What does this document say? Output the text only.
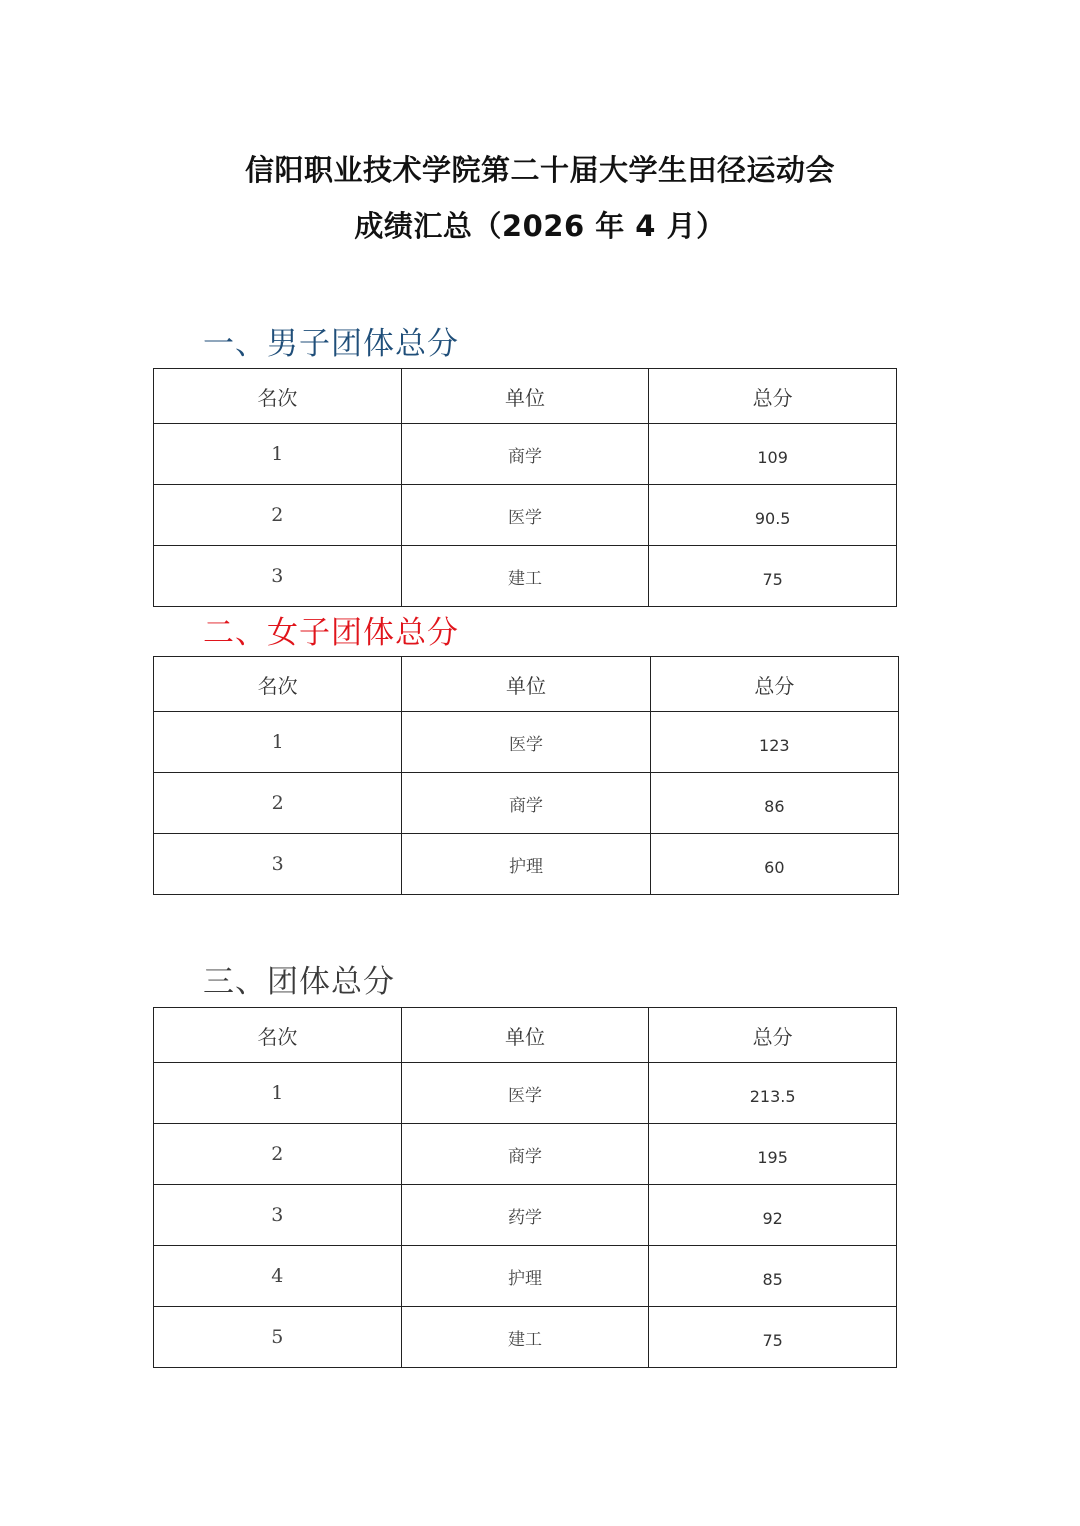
信阳职业技术学院第二十届大学生田径运动会
成绩汇总（2026 年 4 月）
一、男子团体总分
名次	单位	总分
1	商学	109
2	医学	90.5
3	建工	75
二、女子团体总分
名次	单位	总分
1	医学	123
2	商学	86
3	护理	60
三、团体总分
名次	单位	总分
1	医学	213.5
2	商学	195
3	药学	92
4	护理	85
5	建工	75
